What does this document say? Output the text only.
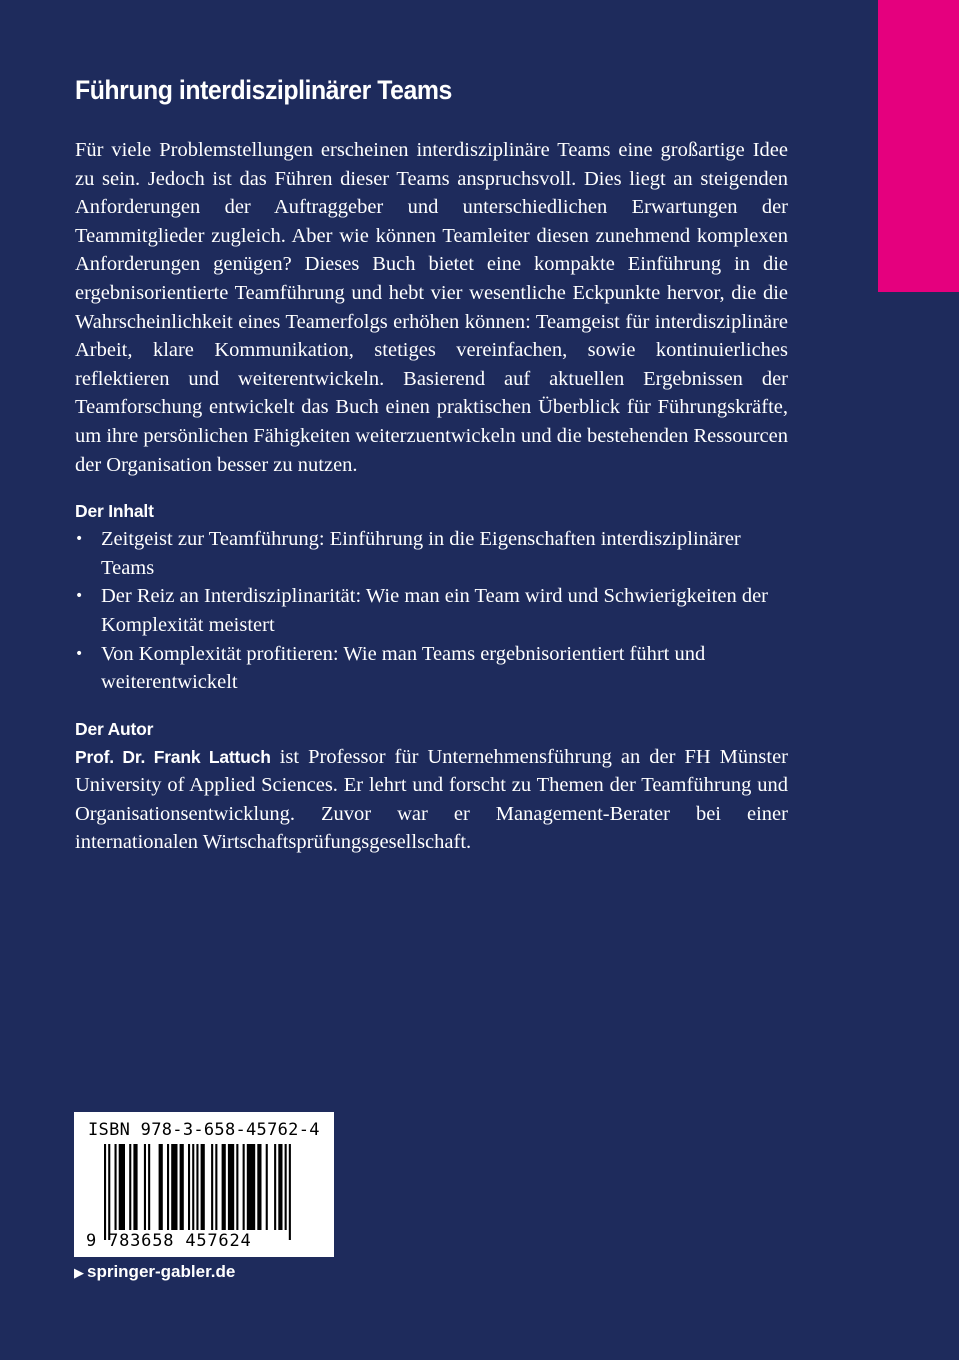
Führung interdisziplinärer Teams

Für viele Problemstellungen erscheinen interdisziplinäre Teams eine großartige Idee zu sein. Jedoch ist das Führen dieser Teams anspruchsvoll. Dies liegt an steigenden Anforderungen der Auftraggeber und unterschiedlichen Erwartungen der Teammitglieder zugleich. Aber wie können Teamleiter diesen zunehmend komplexen Anforderungen genügen? Dieses Buch bietet eine kompakte Einführung in die ergebnisorientierte Teamführung und hebt vier wesentliche Eckpunkte hervor, die die Wahrscheinlichkeit eines Teamerfolgs erhöhen können: Teamgeist für interdisziplinäre Arbeit, klare Kommunikation, stetiges vereinfachen, sowie kontinuierliches reflektieren und weiterentwickeln. Basierend auf aktuellen Ergebnissen der Teamforschung entwickelt das Buch einen praktischen Überblick für Führungskräfte, um ihre persönlichen Fähigkeiten weiterzuentwickeln und die bestehenden Ressourcen der Organisation besser zu nutzen.

Der Inhalt
• Zeitgeist zur Teamführung: Einführung in die Eigenschaften interdisziplinärer Teams
• Der Reiz an Interdisziplinarität: Wie man ein Team wird und Schwierigkeiten der Komplexität meistert
• Von Komplexität profitieren: Wie man Teams ergebnisorientiert führt und weiterentwickelt
Der Autor

Prof. Dr. Frank Lattuch ist Professor für Unternehmensführung an der FH Münster University of Applied Sciences. Er lehrt und forscht zu Themen der Teamführung und Organisationsentwicklung. Zuvor war er Management-Berater bei einer internationalen Wirtschaftsprüfungsgesellschaft.

ISBN 978-3-658-45762-4
9 783658 457624
▶ springer-gabler.de
